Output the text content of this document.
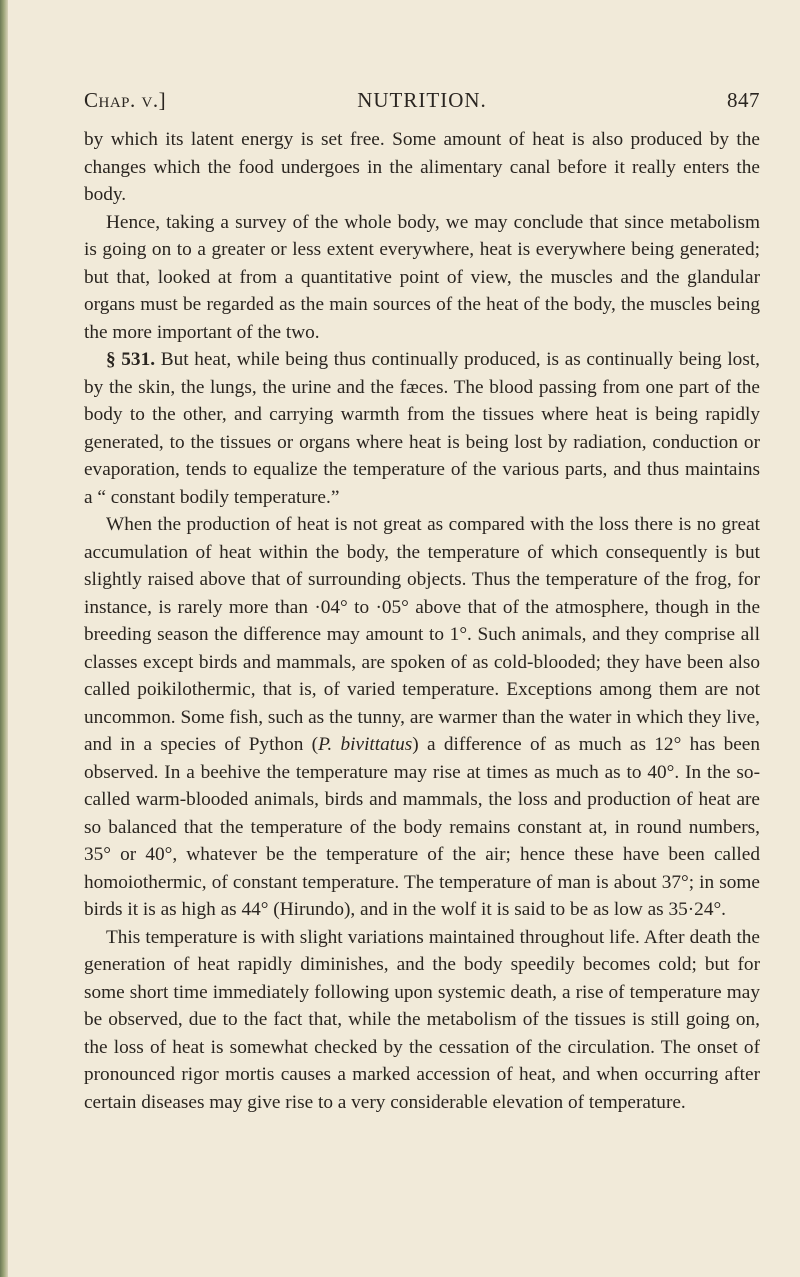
Chap. v.]	NUTRITION.	847

by which its latent energy is set free. Some amount of heat is also produced by the changes which the food undergoes in the alimentary canal before it really enters the body.

Hence, taking a survey of the whole body, we may conclude that since metabolism is going on to a greater or less extent everywhere, heat is everywhere being generated; but that, looked at from a quantitative point of view, the muscles and the glandular organs must be regarded as the main sources of the heat of the body, the muscles being the more important of the two.

§ 531. But heat, while being thus continually produced, is as continually being lost, by the skin, the lungs, the urine and the fæces. The blood passing from one part of the body to the other, and carrying warmth from the tissues where heat is being rapidly generated, to the tissues or organs where heat is being lost by radiation, conduction or evaporation, tends to equalize the temperature of the various parts, and thus maintains a “ constant bodily temperature.”

When the production of heat is not great as compared with the loss there is no great accumulation of heat within the body, the temperature of which consequently is but slightly raised above that of surrounding objects. Thus the temperature of the frog, for instance, is rarely more than ·04° to ·05° above that of the atmosphere, though in the breeding season the difference may amount to 1°. Such animals, and they comprise all classes except birds and mammals, are spoken of as cold-blooded; they have been also called poikilothermic, that is, of varied temperature. Exceptions among them are not uncommon. Some fish, such as the tunny, are warmer than the water in which they live, and in a species of Python (P. bivittatus) a difference of as much as 12° has been observed. In a beehive the temperature may rise at times as much as to 40°. In the so-called warm-blooded animals, birds and mammals, the loss and production of heat are so balanced that the temperature of the body remains constant at, in round numbers, 35° or 40°, whatever be the temperature of the air; hence these have been called homoiothermic, of constant temperature. The temperature of man is about 37°; in some birds it is as high as 44° (Hirundo), and in the wolf it is said to be as low as 35·24°.

This temperature is with slight variations maintained throughout life. After death the generation of heat rapidly diminishes, and the body speedily becomes cold; but for some short time immediately following upon systemic death, a rise of temperature may be observed, due to the fact that, while the metabolism of the tissues is still going on, the loss of heat is somewhat checked by the cessation of the circulation. The onset of pronounced rigor mortis causes a marked accession of heat, and when occurring after certain diseases may give rise to a very considerable elevation of temperature.
